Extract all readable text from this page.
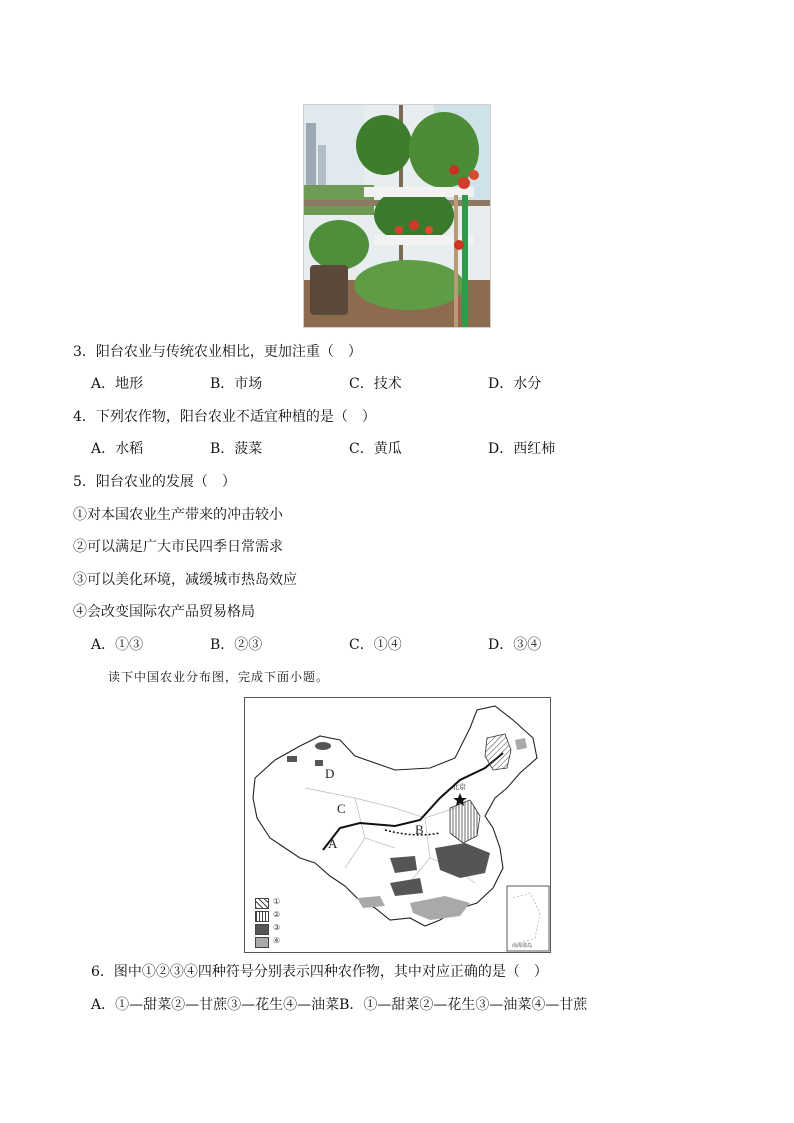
3．阳台农业与传统农业相比，更加注重（　）
A．地形	B．市场	C．技术	D．水分
4．下列农作物，阳台农业不适宜种植的是（　）
A．水稻	B．菠菜	C．黄瓜	D．西红柿
5．阳台农业的发展（　）
①对本国农业生产带来的冲击较小
②可以满足广大市民四季日常需求
③可以美化环境，减缓城市热岛效应
④会改变国际农产品贸易格局
A．①③	B．②③	C．①④	D．③④
读下中国农业分布图，完成下面小题。
D
C
B
A
北京
①
②
③
④
南海诸岛
6．图中①②③④四种符号分别表示四种农作物，其中对应正确的是（　）
A．①—甜菜②—甘蔗③—花生④—油菜B．①—甜菜②—花生③—油菜④—甘蔗
